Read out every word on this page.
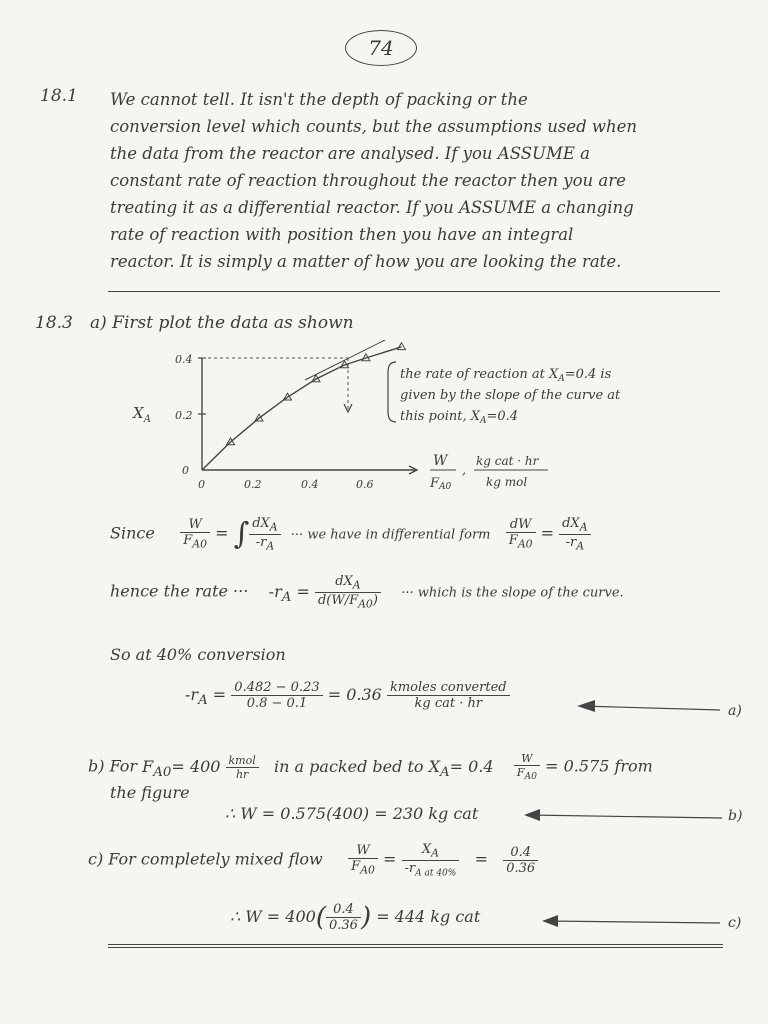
74
18.1 We cannot tell. It isn't the depth of packing or the
conversion level which counts, but the assumptions used when
the data from the reactor are analysed. If you ASSUME a
constant rate of reaction throughout the reactor then you are
treating it as a differential reactor. If you ASSUME a changing
rate of reaction with position then you have an integral
reactor. It is simply a matter of how you are looking the rate.
18.3 a) First plot the data as shown
0.4
0.2
0
0	0.2	0.4	0.6
$X_A$
the rate of reaction at $X_A=0.4$ is
given by the slope of the curve at
this point, $X_A=0.4$
W
FA0
,
kg cat · hr
kg mol
Since $\frac{W}{F_{A0}}$ = ∫ $\frac{dX_A}{-r_A}$ ··· we have in differential form $\frac{dW}{F_{A0}} = \frac{dX_A}{-r_A}$
hence the rate ··· $-r_A = \frac{dX_A}{d(W/F_{A0})}$ ··· which is the slope of the curve.
So at 40% conversion
$-r_A = \frac{0.482 - 0.23}{0.8 - 0.1} = 0.36 \frac{\text{kmoles converted}}{\text{kg cat · hr}}$	a)
b) For $F_{A0}= 400 \frac{\text{kmol}}{hr}$ in a packed bed to $X_A= 0.4 \frac{W}{F_{A0}} = 0.575$ from
the figure
∴ W = 0.575(400) = 230 kg cat	b)
c) For completely mixed flow $\frac{W}{F_{A0}} = \frac{X_A}{-r_{A at 40\%}} = \frac{0.4}{0.36}$
∴ $W = 400( \frac{0.4}{0.36}$ ) = 444 kg cat	c)
